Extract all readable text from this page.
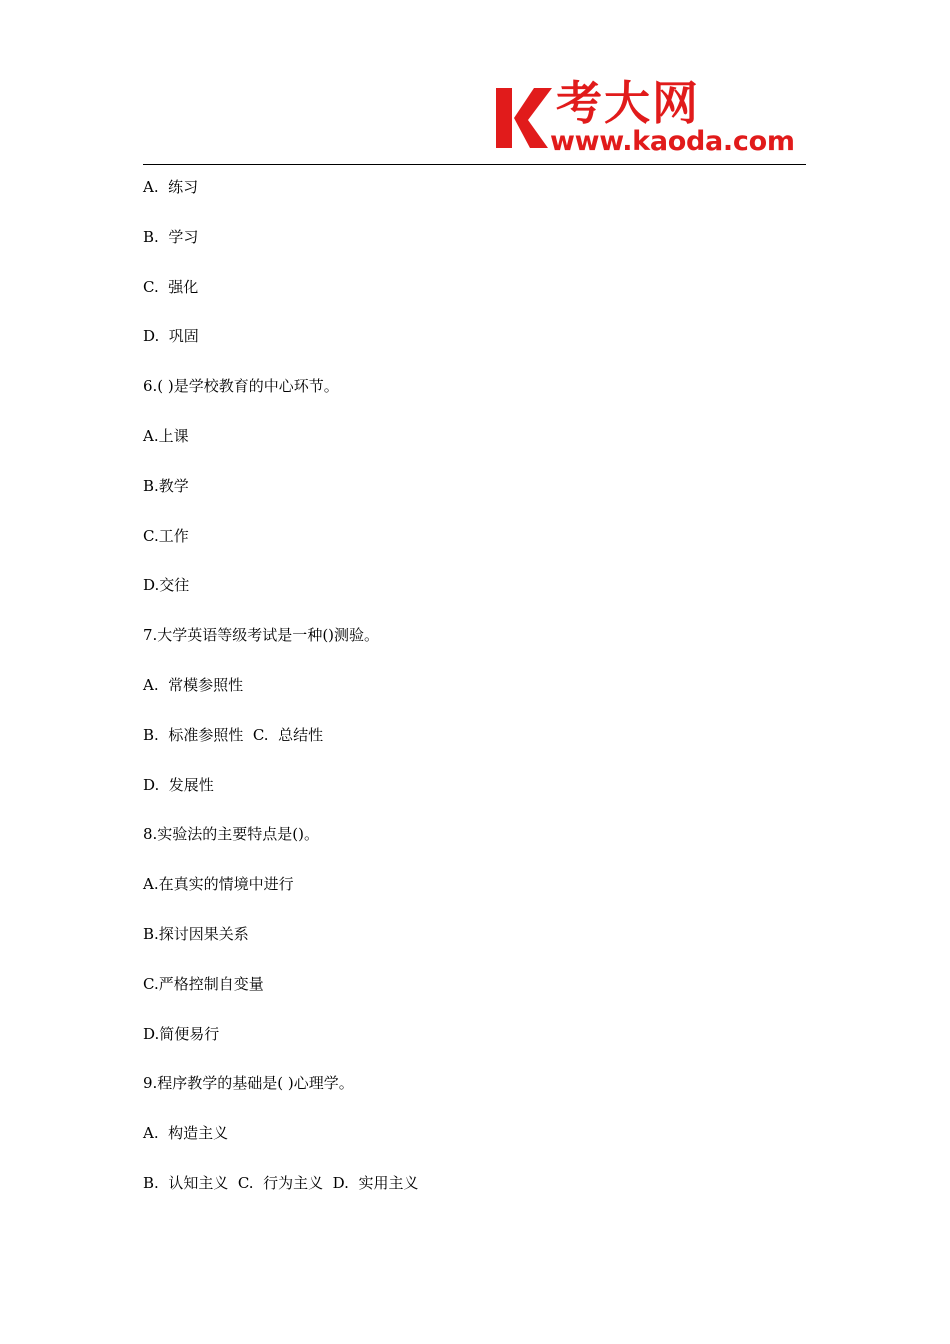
考大网
www.kaoda.com
A.  练习
B.  学习
C.  强化
D.  巩固
6.( )是学校教育的中心环节。
A.上课
B.教学
C.工作
D.交往
7.大学英语等级考试是一种()测验。
A.  常模参照性
B.  标准参照性  C.  总结性
D.  发展性
8.实验法的主要特点是()。
A.在真实的情境中进行
B.探讨因果关系
C.严格控制自变量
D.简便易行
9.程序教学的基础是( )心理学。
A.  构造主义
B.  认知主义  C.  行为主义  D.  实用主义
